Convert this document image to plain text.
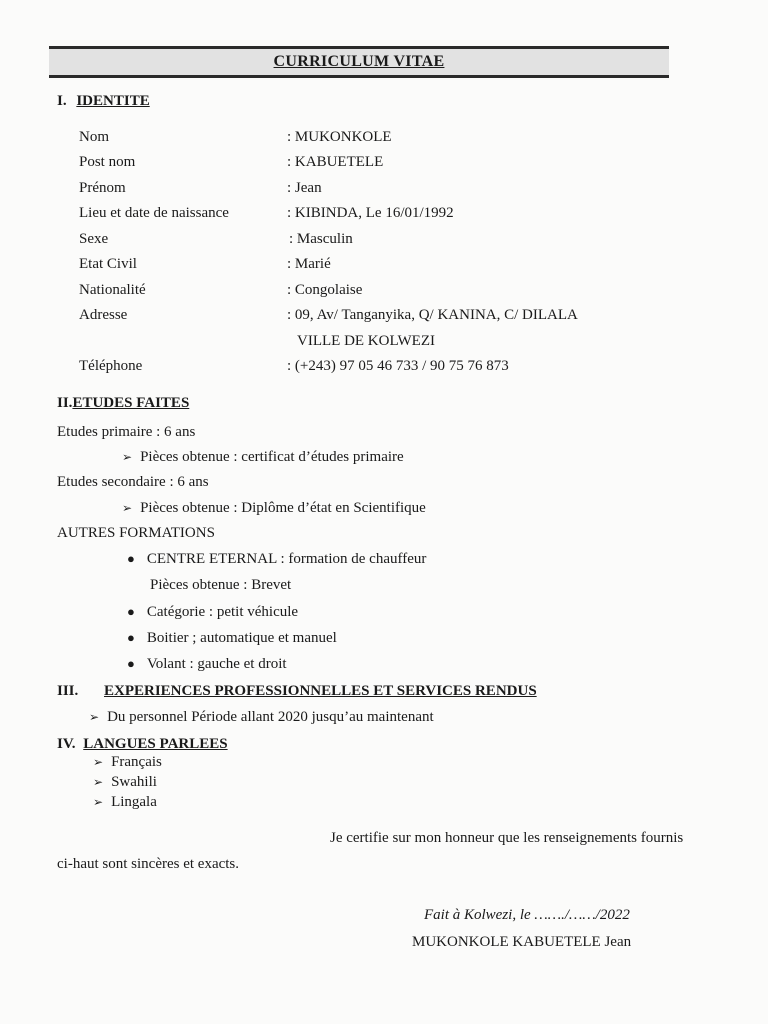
CURRICULUM VITAE
I. IDENTITE
Nom	: MUKONKOLE
Post nom	: KABUETELE
Prénom	: Jean
Lieu et date de naissance	: KIBINDA, Le 16/01/1992
Sexe	: Masculin
Etat Civil	: Marié
Nationalité	: Congolaise
Adresse	: 09, Av/ Tanganyika, Q/ KANINA, C/ DILALA
VILLE DE KOLWEZI
Téléphone	: (+243) 97 05 46 733 / 90 75 76 873
II.ETUDES FAITES
Etudes primaire : 6 ans
➢ Pièces obtenue : certificat d’études primaire
Etudes secondaire : 6 ans
➢ Pièces obtenue : Diplôme d’état en Scientifique
AUTRES FORMATIONS
● CENTRE ETERNAL : formation de chauffeur
Pièces obtenue : Brevet
● Catégorie : petit véhicule
● Boitier ; automatique et manuel
● Volant : gauche et droit
III. EXPERIENCES PROFESSIONNELLES ET SERVICES RENDUS
➢ Du personnel Période allant 2020 jusqu’au maintenant
IV. LANGUES PARLEES
➢ Français
➢ Swahili
➢ Lingala
Je certifie sur mon honneur que les renseignements fournis
ci-haut sont sincères et exacts.
Fait à Kolwezi, le ……./……/2022
MUKONKOLE KABUETELE Jean
